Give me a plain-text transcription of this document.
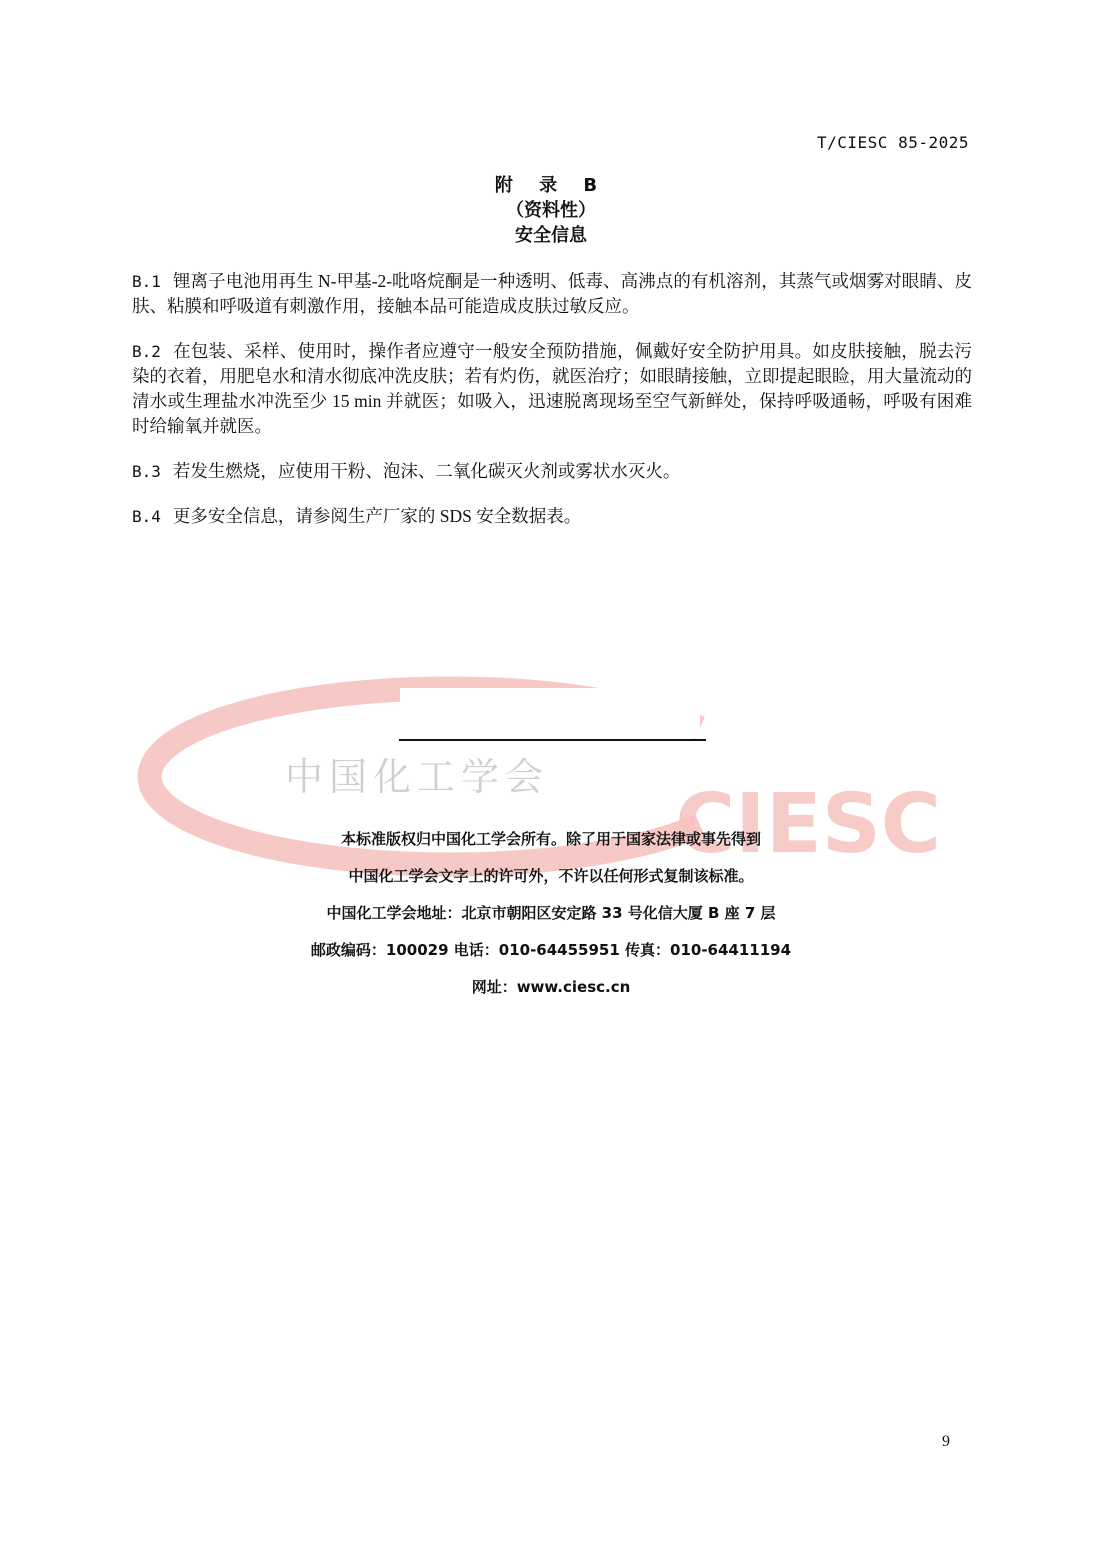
中国化工学会 CIESC
T/CIESC 85-2025
附 录 B
（资料性）
安全信息
B.1 锂离子电池用再生 N-甲基-2-吡咯烷酮是一种透明、低毒、高沸点的有机溶剂，其蒸气或烟雾对眼睛、皮肤、粘膜和呼吸道有刺激作用，接触本品可能造成皮肤过敏反应。
B.2 在包装、采样、使用时，操作者应遵守一般安全预防措施，佩戴好安全防护用具。如皮肤接触，脱去污染的衣着，用肥皂水和清水彻底冲洗皮肤；若有灼伤，就医治疗；如眼睛接触，立即提起眼睑，用大量流动的清水或生理盐水冲洗至少 15 min 并就医；如吸入，迅速脱离现场至空气新鲜处，保持呼吸通畅，呼吸有困难时给输氧并就医。
B.3 若发生燃烧，应使用干粉、泡沫、二氧化碳灭火剂或雾状水灭火。
B.4 更多安全信息，请参阅生产厂家的 SDS 安全数据表。
本标准版权归中国化工学会所有。除了用于国家法律或事先得到
中国化工学会文字上的许可外，不许以任何形式复制该标准。
中国化工学会地址：北京市朝阳区安定路 33 号化信大厦 B 座 7 层
邮政编码：100029 电话：010-64455951 传真：010-64411194
网址：www.ciesc.cn
9
